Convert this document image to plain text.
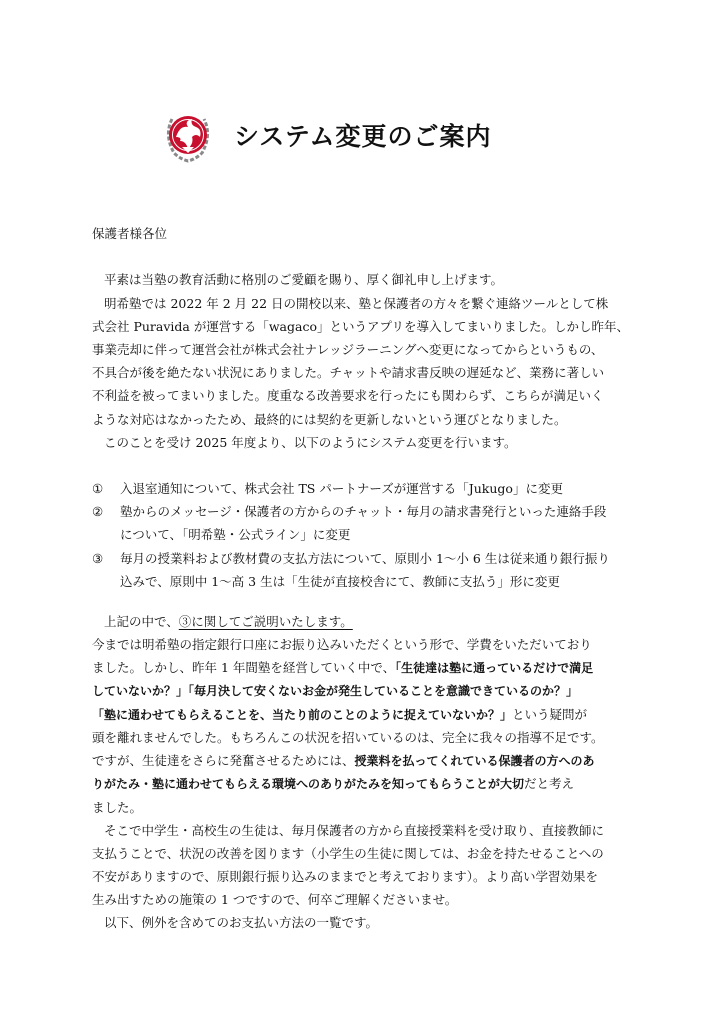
システム変更のご案内
保護者様各位
平素は当塾の教育活動に格別のご愛顧を賜り、厚く御礼申し上げます。
明希塾では 2022 年 2 月 22 日の開校以来、塾と保護者の方々を繋ぐ連絡ツールとして株
式会社 Puravida が運営する「wagaco」というアプリを導入してまいりました。しかし昨年、
事業売却に伴って運営会社が株式会社ナレッジラーニングへ変更になってからというもの、
不具合が後を絶たない状況にありました。チャットや請求書反映の遅延など、業務に著しい
不利益を被ってまいりました。度重なる改善要求を行ったにも関わらず、こちらが満足いく
ような対応はなかったため、最終的には契約を更新しないという運びとなりました。
このことを受け 2025 年度より、以下のようにシステム変更を行います。
① 入退室通知について、株式会社 TS パートナーズが運営する「Jukugo」に変更
② 塾からのメッセージ・保護者の方からのチャット・毎月の請求書発行といった連絡手段
について、「明希塾・公式ライン」に変更
③ 毎月の授業料および教材費の支払方法について、原則小 1～小 6 生は従来通り銀行振り
込みで、原則中 1～高 3 生は「生徒が直接校舎にて、教師に支払う」形に変更
上記の中で、③に関してご説明いたします。
今までは明希塾の指定銀行口座にお振り込みいただくという形で、学費をいただいており
ました。しかし、昨年 1 年間塾を経営していく中で、「生徒達は塾に通っているだけで満足
していないか？」「毎月決して安くないお金が発生していることを意識できているのか？」
「塾に通わせてもらえることを、当たり前のことのように捉えていないか？」という疑問が
頭を離れませんでした。もちろんこの状況を招いているのは、完全に我々の指導不足です。
ですが、生徒達をさらに発奮させるためには、授業料を払ってくれている保護者の方へのあ
りがたみ・塾に通わせてもらえる環境へのありがたみを知ってもらうことが大切だと考え
ました。
そこで中学生・高校生の生徒は、毎月保護者の方から直接授業料を受け取り、直接教師に
支払うことで、状況の改善を図ります（小学生の生徒に関しては、お金を持たせることへの
不安がありますので、原則銀行振り込みのままでと考えております）。より高い学習効果を
生み出すための施策の 1 つですので、何卒ご理解くださいませ。
以下、例外を含めてのお支払い方法の一覧です。
